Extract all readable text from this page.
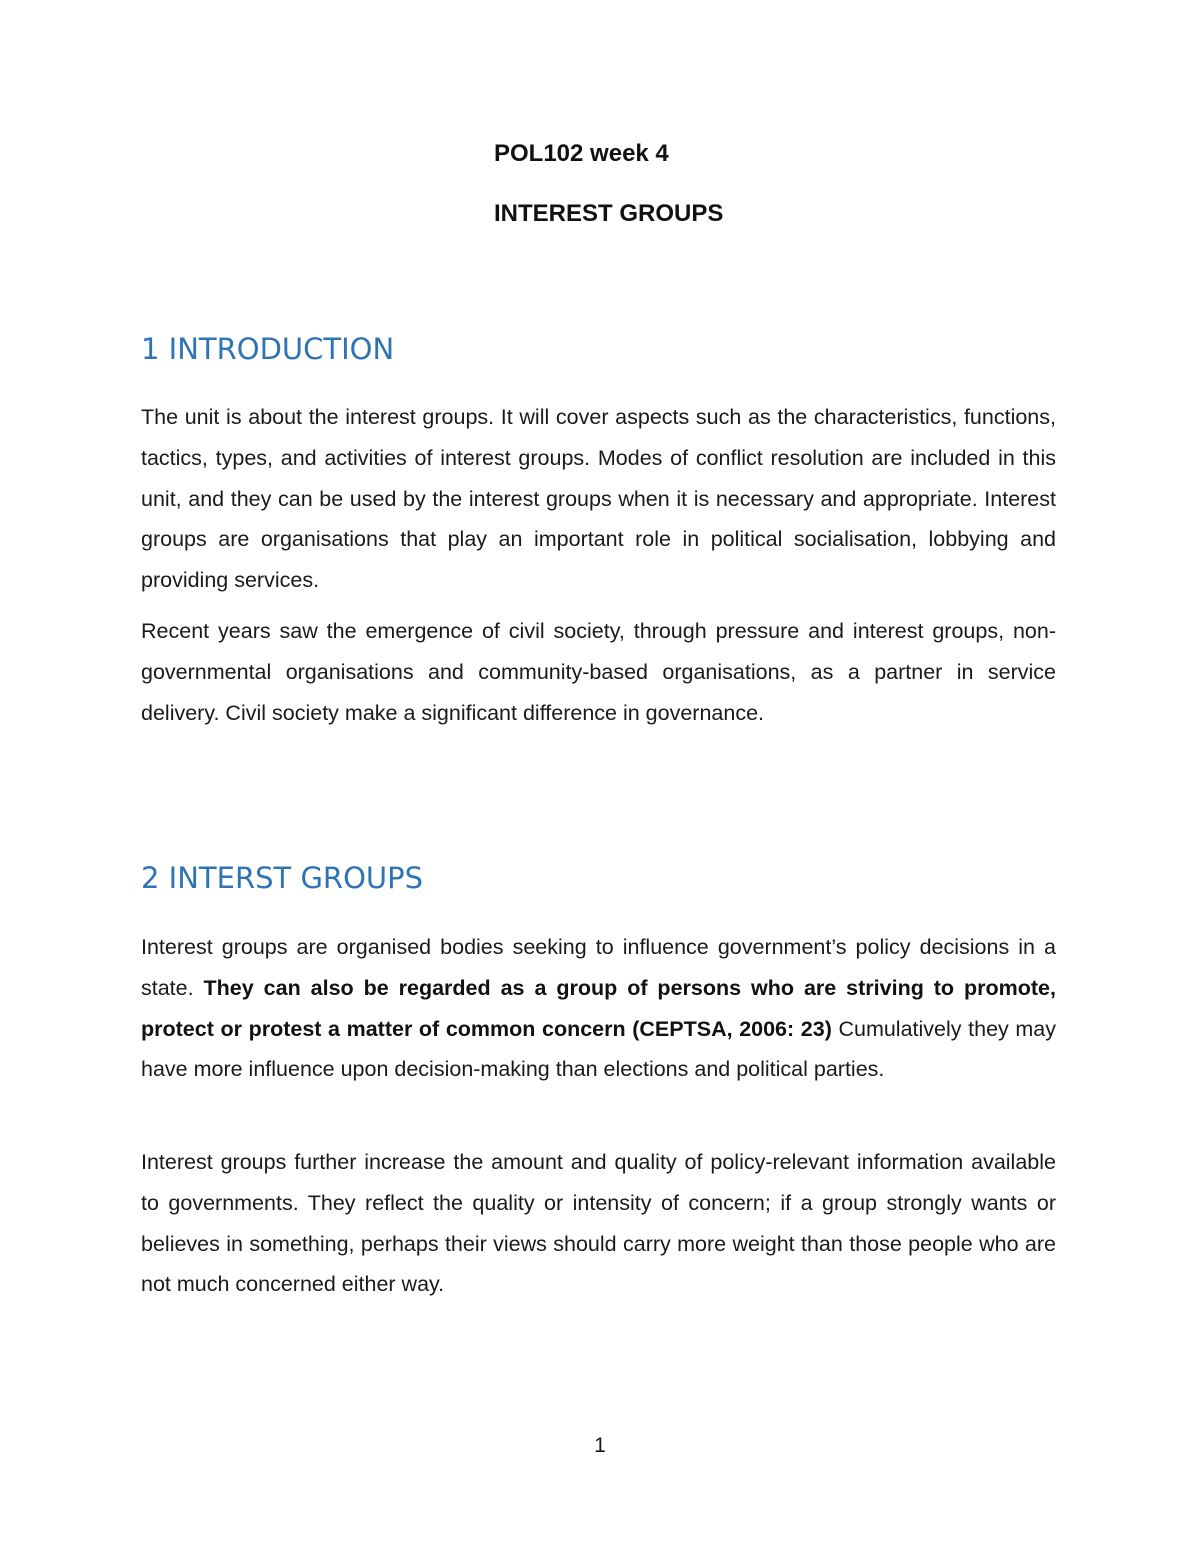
POL102 week 4
INTEREST GROUPS
1 INTRODUCTION
The unit is about the interest groups. It will cover aspects such as the characteristics, functions, tactics, types, and activities of interest groups. Modes of conflict resolution are included in this unit, and they can be used by the interest groups when it is necessary and appropriate. Interest groups are organisations that play an important role in political socialisation, lobbying and providing services.
Recent years saw the emergence of civil society, through pressure and interest groups, non-governmental organisations and community-based organisations, as a partner in service delivery. Civil society make a significant difference in governance.
2 INTERST GROUPS
Interest groups are organised bodies seeking to influence government’s policy decisions in a state. They can also be regarded as a group of persons who are striving to promote, protect or protest a matter of common concern (CEPTSA, 2006: 23) Cumulatively they may have more influence upon decision-making than elections and political parties.
Interest groups further increase the amount and quality of policy-relevant information available to governments. They reflect the quality or intensity of concern; if a group strongly wants or believes in something, perhaps their views should carry more weight than those people who are not much concerned either way.
1
